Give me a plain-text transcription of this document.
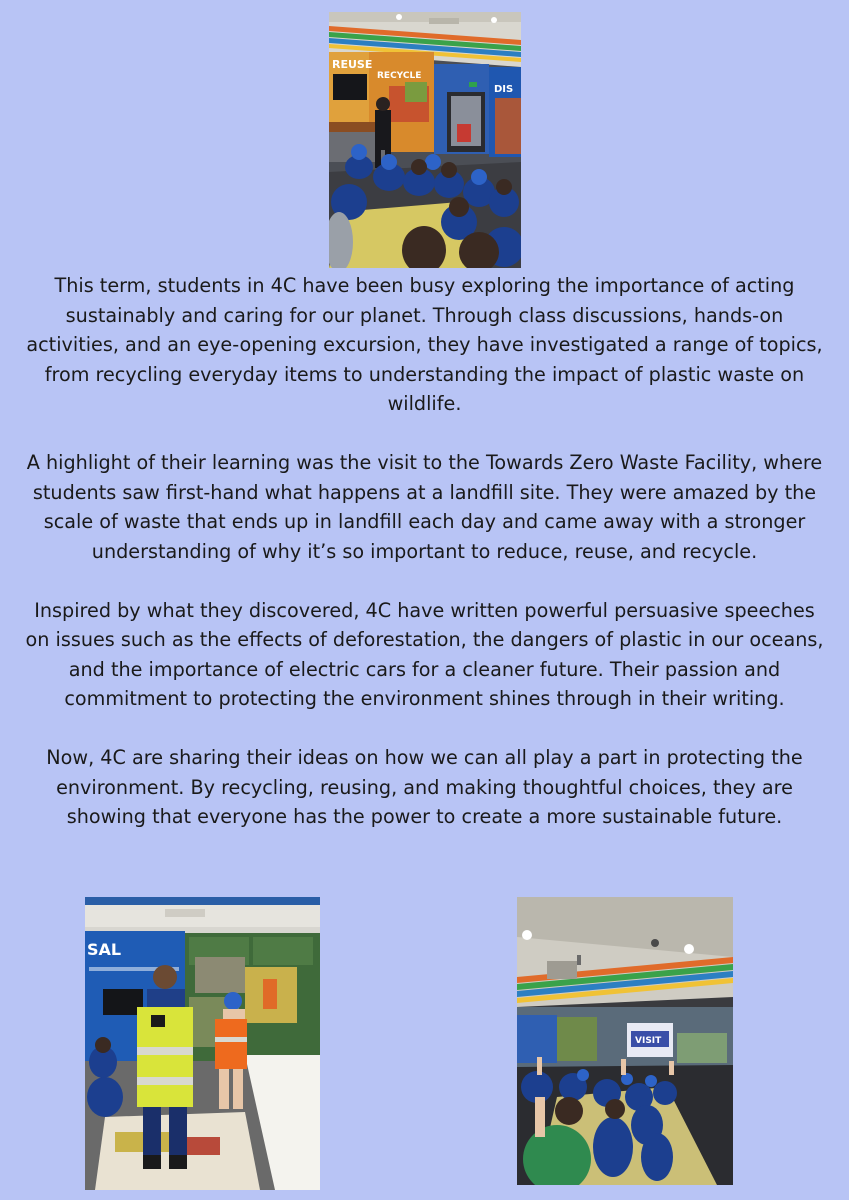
REUSE
RECYCLE
DIS

This term, students in 4C have been busy exploring the importance of acting sustainably and caring for our planet. Through class discussions, hands-on activities, and an eye-opening excursion, they have investigated a range of topics, from recycling everyday items to understanding the impact of plastic waste on wildlife.

A highlight of their learning was the visit to the Towards Zero Waste Facility, where students saw first-hand what happens at a landfill site. They were amazed by the scale of waste that ends up in landfill each day and came away with a stronger understanding of why it’s so important to reduce, reuse, and recycle.

Inspired by what they discovered, 4C have written powerful persuasive speeches on issues such as the effects of deforestation, the dangers of plastic in our oceans, and the importance of electric cars for a cleaner future. Their passion and commitment to protecting the environment shines through in their writing.

Now, 4C are sharing their ideas on how we can all play a part in protecting the environment. By recycling, reusing, and making thoughtful choices, they are showing that everyone has the power to create a more sustainable future.

SAL
VISIT
